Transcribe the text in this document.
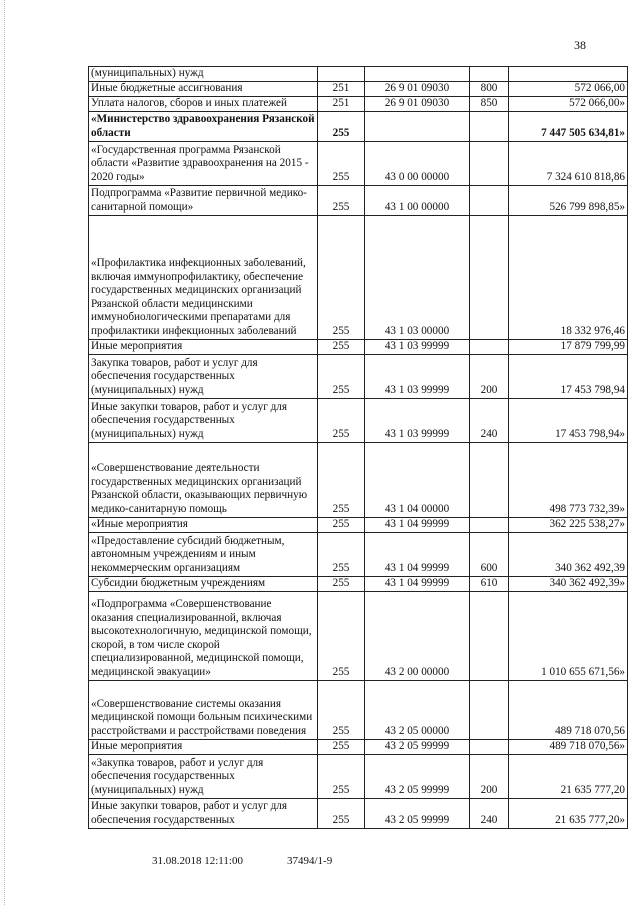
38
(муниципальных) нужд				
Иные бюджетные ассигнования	251	26 9 01 09030	800	572 066,00
Уплата налогов, сборов и иных платежей	251	26 9 01 09030	850	572 066,00»
«Министерство здравоохранения Рязанской области	255			7 447 505 634,81»
«Государственная программа Рязанской области «Развитие здравоохранения на 2015 - 2020 годы»	255	43 0 00 00000		7 324 610 818,86
Подпрограмма «Развитие первичной медико-санитарной помощи»	255	43 1 00 00000		526 799 898,85»
«Профилактика инфекционных заболеваний, включая иммунопрофилактику, обеспечение государственных медицинских организаций Рязанской области медицинскими иммунобиологическими препаратами для профилактики инфекционных заболеваний	255	43 1 03 00000		18 332 976,46
Иные мероприятия	255	43 1 03 99999		17 879 799,99
Закупка товаров, работ и услуг для обеспечения государственных (муниципальных) нужд	255	43 1 03 99999	200	17 453 798,94
Иные закупки товаров, работ и услуг для обеспечения государственных (муниципальных) нужд	255	43 1 03 99999	240	17 453 798,94»
«Совершенствование деятельности государственных медицинских организаций Рязанской области, оказывающих первичную медико-санитарную помощь	255	43 1 04 00000		498 773 732,39»
«Иные мероприятия	255	43 1 04 99999		362 225 538,27»
«Предоставление субсидий бюджетным, автономным учреждениям и иным некоммерческим организациям	255	43 1 04 99999	600	340 362 492,39
Субсидии бюджетным учреждениям	255	43 1 04 99999	610	340 362 492,39»
«Подпрограмма «Совершенствование оказания специализированной, включая высокотехнологичную, медицинской помощи, скорой, в том числе скорой специализированной, медицинской помощи, медицинской эвакуации»	255	43 2 00 00000		1 010 655 671,56»
«Совершенствование системы оказания медицинской помощи больным психическими расстройствами и расстройствами поведения	255	43 2 05 00000		489 718 070,56
Иные мероприятия	255	43 2 05 99999		489 718 070,56»
«Закупка товаров, работ и услуг для обеспечения государственных (муниципальных) нужд	255	43 2 05 99999	200	21 635 777,20
Иные закупки товаров, работ и услуг для обеспечения государственных	255	43 2 05 99999	240	21 635 777,20»
31.08.2018 12:11:00	37494/1-9
